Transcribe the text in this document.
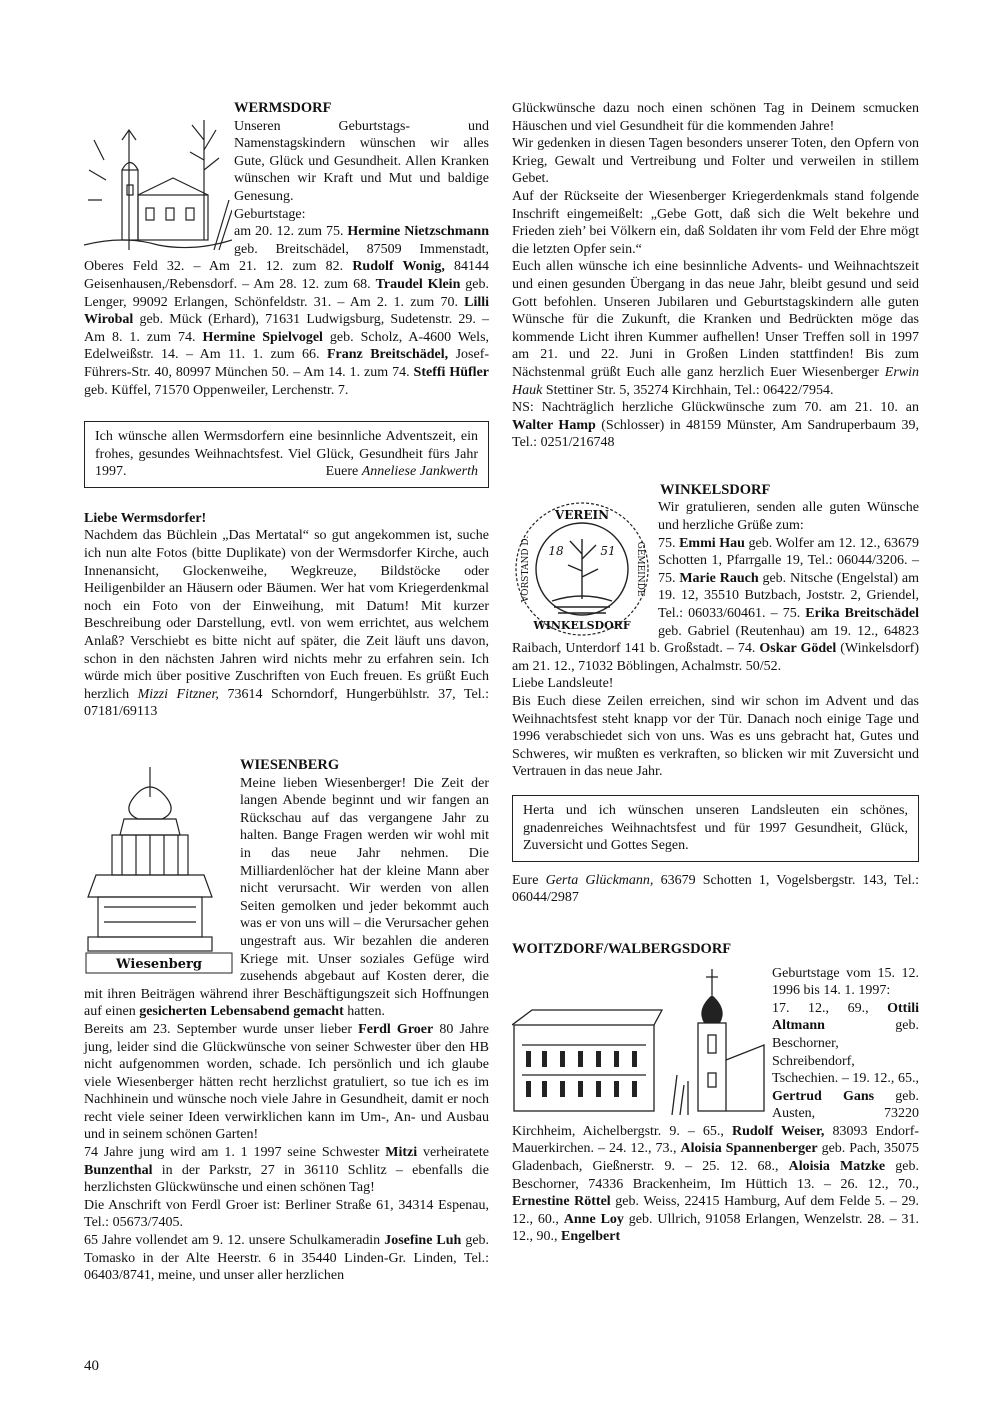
WERMSDORF

Unseren Geburtstags- und Namenstagskindern wünschen wir alles Gute, Glück und Gesundheit. Allen Kranken wünschen wir Kraft und Mut und baldige Genesung.
Geburtstage:
am 20. 12. zum 75. Hermine Nietzschmann geb. Breitschädel, 87509 Immenstadt, Oberes Feld 32. – Am 21. 12. zum 82. Rudolf Wonig, 84144 Geisenhausen,/Rebensdorf. – Am 28. 12. zum 68. Traudel Klein geb. Lenger, 99092 Erlangen, Schönfeldstr. 31. – Am 2. 1. zum 70. Lilli Wirobal geb. Mück (Erhard), 71631 Ludwigsburg, Sudetenstr. 29. – Am 8. 1. zum 74. Hermine Spielvogel geb. Scholz, A-4600 Wels, Edelweißstr. 14. – Am 11. 1. zum 66. Franz Breitschädel, Josef-Führers-Str. 40, 80997 München 50. – Am 14. 1. zum 74. Steffi Hüfler geb. Küffel, 71570 Oppenweiler, Lerchenstr. 7.

Ich wünsche allen Wermsdorfern eine besinnliche Adventszeit, ein frohes, gesundes Weihnachtsfest. Viel Glück, Gesundheit fürs Jahr 1997.	Euere Anneliese Jankwerth

Liebe Wermsdorfer!

Nachdem das Büchlein „Das Mertatal“ so gut angekommen ist, suche ich nun alte Fotos (bitte Duplikate) von der Wermsdorfer Kirche, auch Innenansicht, Glockenweihe, Wegkreuze, Bildstöcke oder Heiligenbilder an Häusern oder Bäumen. Wer hat vom Kriegerdenkmal noch ein Foto von der Einweihung, mit Datum! Mit kurzer Beschreibung oder Darstellung, evtl. von wem errichtet, aus welchem Anlaß? Verschiebt es bitte nicht auf später, die Zeit läuft uns davon, schon in den nächsten Jahren wird nichts mehr zu erfahren sein. Ich würde mich über positive Zuschriften von Euch freuen. Es grüßt Euch herzlich Mizzi Fitzner, 73614 Schorndorf, Hungerbühlstr. 37, Tel.: 07181/69113

Wiesenberg

WIESENBERG

Meine lieben Wiesenberger! Die Zeit der langen Abende beginnt und wir fangen an Rückschau auf das vergangene Jahr zu halten. Bange Fragen werden wir wohl mit in das neue Jahr nehmen. Die Milliardenlöcher hat der kleine Mann aber nicht verursacht. Wir werden von allen Seiten gemolken und jeder bekommt auch was er von uns will – die Verursacher gehen ungestraft aus. Wir bezahlen die anderen Kriege mit. Unser soziales Gefüge wird zusehends abgebaut auf Kosten derer, die mit ihren Beiträgen während ihrer Beschäftigungszeit sich Hoffnungen auf einen gesicherten Lebensabend gemacht hatten.

Bereits am 23. September wurde unser lieber Ferdl Groer 80 Jahre jung, leider sind die Glückwünsche von seiner Schwester über den HB nicht aufgenommen worden, schade. Ich persönlich und ich glaube viele Wiesenberger hätten recht herzlichst gratuliert, so tue ich es im Nachhinein und wünsche noch viele Jahre in Gesundheit, damit er noch recht viele seiner Ideen verwirklichen kann im Um-, An- und Ausbau und in seinem schönen Garten!

74 Jahre jung wird am 1. 1 1997 seine Schwester Mitzi verheiratete Bunzenthal in der Parkstr, 27 in 36110 Schlitz – ebenfalls die herzlichsten Glückwünsche und einen schönen Tag!

Die Anschrift von Ferdl Groer ist: Berliner Straße 61, 34314 Espenau, Tel.: 05673/7405.

65 Jahre vollendet am 9. 12. unsere Schulkameradin Josefine Luh geb. Tomasko in der Alte Heerstr. 6 in 35440 Linden-Gr. Linden, Tel.: 06403/8741, meine, und unser aller herzlichen

Glückwünsche dazu noch einen schönen Tag in Deinem scmucken Häuschen und viel Gesundheit für die kommenden Jahre!

Wir gedenken in diesen Tagen besonders unserer Toten, den Opfern von Krieg, Gewalt und Vertreibung und Folter und verweilen in stillem Gebet.

Auf der Rückseite der Wiesenberger Kriegerdenkmals stand folgende Inschrift eingemeißelt: „Gebe Gott, daß sich die Welt bekehre und Frieden zieh’ bei Völkern ein, daß Soldaten ihr vom Feld der Ehre mögt die letzten Opfer sein.“

Euch allen wünsche ich eine besinnliche Advents- und Weihnachtszeit und einen gesunden Übergang in das neue Jahr, bleibt gesund und seid Gott befohlen. Unseren Jubilaren und Geburtstagskindern alle guten Wünsche für die Zukunft, die Kranken und Bedrückten möge das kommende Licht ihren Kummer aufhellen! Unser Treffen soll in 1997 am 21. und 22. Juni in Großen Linden stattfinden! Bis zum Nächstenmal grüßt Euch alle ganz herzlich Euer Wiesenberger Erwin Hauk Stettiner Str. 5, 35274 Kirchhain, Tel.: 06422/7954.

NS: Nachträglich herzliche Glückwünsche zum 70. am 21. 10. an Walter Hamp (Schlosser) in 48159 Münster, Am Sandruperbaum 39, Tel.: 0251/216748

WINKELSDORF

VEREIN
WINKELSDORF
VORSTAND D.	GEMEINDE
18	51

Wir gratulieren, senden alle guten Wünsche und herzliche Grüße zum:
75. Emmi Hau geb. Wolfer am 12. 12., 63679 Schotten 1, Pfarrgalle 19, Tel.: 06044/3206. – 75. Marie Rauch geb. Nitsche (Engelstal) am 19. 12, 35510 Butzbach, Joststr. 2, Griendel, Tel.: 06033/60461. – 75. Erika Breitschädel geb. Gabriel (Reutenhau) am 19. 12., 64823 Raibach, Unterdorf 141 b. Großstadt. – 74. Oskar Gödel (Winkelsdorf) am 21. 12., 71032 Böblingen, Achalmstr. 50/52.

Liebe Landsleute!

Bis Euch diese Zeilen erreichen, sind wir schon im Advent und das Weihnachtsfest steht knapp vor der Tür. Danach noch einige Tage und 1996 verabschiedet sich von uns. Was es uns gebracht hat, Gutes und Schweres, wir mußten es verkraften, so blicken wir mit Zuversicht und Vertrauen in das neue Jahr.

Herta und ich wünschen unseren Landsleuten ein schönes, gnadenreiches Weihnachtsfest und für 1997 Gesundheit, Glück, Zuversicht und Gottes Segen.

Eure Gerta Glückmann, 63679 Schotten 1, Vogelsbergstr. 143, Tel.: 06044/2987

WOITZDORF/WALBERGSDORF

Geburtstage vom 15. 12. 1996 bis 14. 1. 1997:
17. 12., 69., Ottili Altmann	geb. Beschorner, Schreibendorf, Tschechien. – 19. 12., 65., Gertrud Gans geb. Austen, 73220 Kirchheim, Aichelbergstr. 9. – 65., Rudolf Weiser, 83093 Endorf-Mauerkirchen. – 24. 12., 73., Aloisia Spannenberger geb. Pach, 35075 Gladenbach, Gießnerstr. 9. – 25. 12. 68., Aloisia Matzke geb. Beschorner, 74336 Brackenheim, Im Hüttich 13. – 26. 12., 70., Ernestine Röttel geb. Weiss, 22415 Hamburg, Auf dem Felde 5. – 29. 12., 60., Anne Loy geb. Ullrich, 91058 Erlangen, Wenzelstr. 28. – 31. 12., 90., Engelbert

40
